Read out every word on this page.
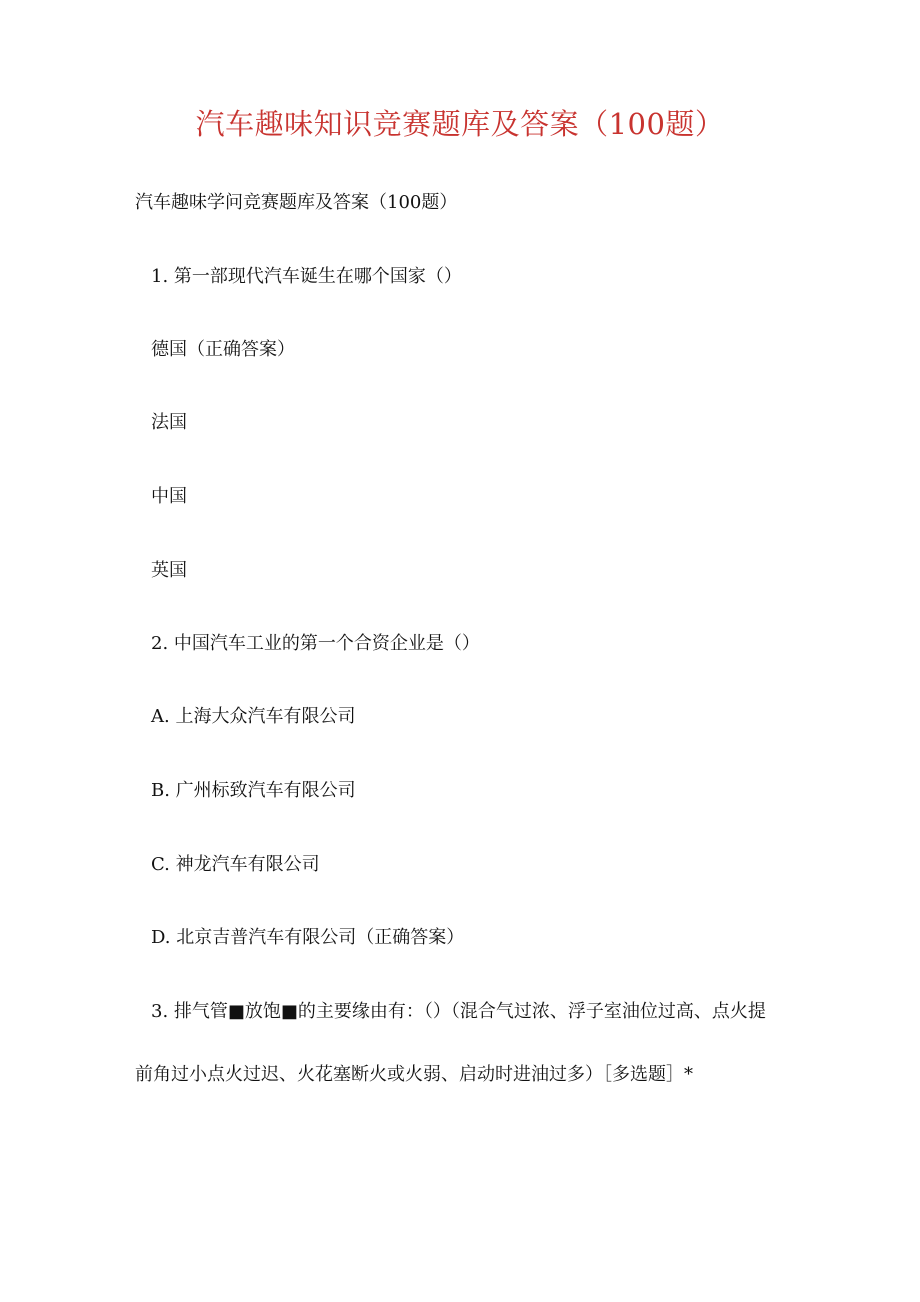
汽车趣味知识竞赛题库及答案（100题）
汽车趣味学问竞赛题库及答案（100题）
1. 第一部现代汽车诞生在哪个国家（）
德国（正确答案）
法国
中国
英国
2. 中国汽车工业的第一个合资企业是（）
A. 上海大众汽车有限公司
B. 广州标致汽车有限公司
C. 神龙汽车有限公司
D. 北京吉普汽车有限公司（正确答案）
3. 排气管■放饱■的主要缘由有：（）（混合气过浓、浮子室油位过高、点火提
前角过小点火过迟、火花塞断火或火弱、启动时进油过多）［多选题］*
